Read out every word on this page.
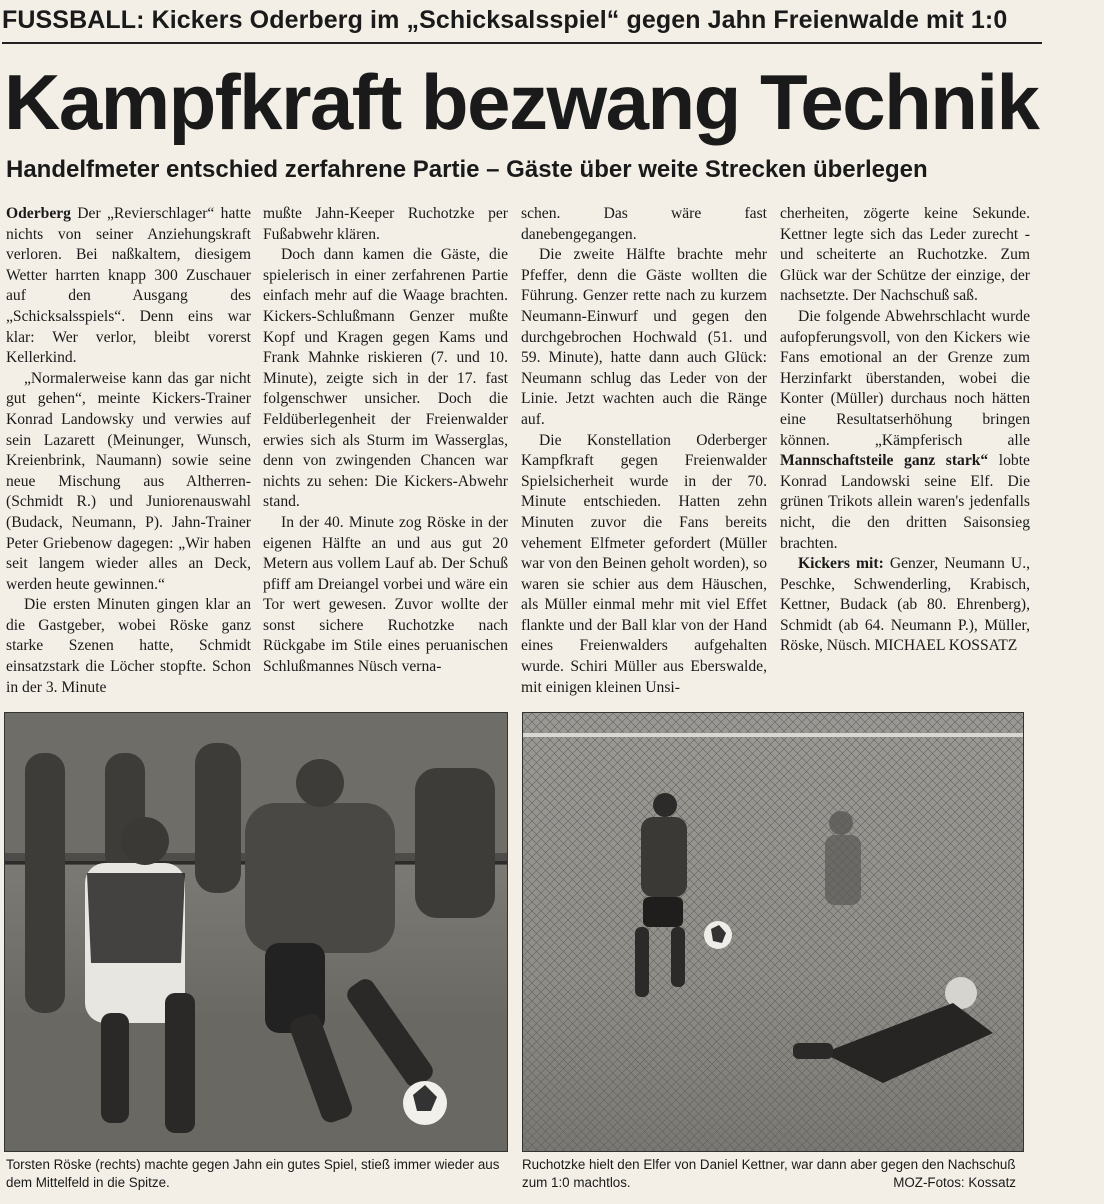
FUSSBALL: Kickers Oderberg im „Schicksalsspiel“ gegen Jahn Freienwalde mit 1:0
Kampfkraft bezwang Technik
Handelfmeter entschied zerfahrene Partie – Gäste über weite Strecken überlegen

Oderberg Der „Revierschlager“ hatte nichts von seiner Anziehungskraft verloren. Bei naßkaltem, diesigem Wetter harrten knapp 300 Zuschauer auf den Ausgang des „Schicksalsspiels“. Denn eins war klar: Wer verlor, bleibt vorerst Kellerkind.

„Normalerweise kann das gar nicht gut gehen“, meinte Kickers-Trainer Konrad Landowsky und verwies auf sein Lazarett (Meinunger, Wunsch, Kreienbrink, Naumann) sowie seine neue Mischung aus Altherren- (Schmidt R.) und Juniorenauswahl (Budack, Neumann, P). Jahn-Trainer Peter Griebenow dagegen: „Wir haben seit langem wieder alles an Deck, werden heute gewinnen.“

Die ersten Minuten gingen klar an die Gastgeber, wobei Röske ganz starke Szenen hatte, Schmidt einsatzstark die Löcher stopfte. Schon in der 3. Minute

mußte Jahn-Keeper Ruchotzke per Fußabwehr klären.

Doch dann kamen die Gäste, die spielerisch in einer zerfahrenen Partie einfach mehr auf die Waage brachten. Kickers-Schlußmann Genzer mußte Kopf und Kragen gegen Kams und Frank Mahnke riskieren (7. und 10. Minute), zeigte sich in der 17. fast folgenschwer unsicher. Doch die Feldüberlegenheit der Freienwalder erwies sich als Sturm im Wasserglas, denn von zwingenden Chancen war nichts zu sehen: Die Kickers-Abwehr stand.

In der 40. Minute zog Röske in der eigenen Hälfte an und aus gut 20 Metern aus vollem Lauf ab. Der Schuß pfiff am Dreiangel vorbei und wäre ein Tor wert gewesen. Zuvor wollte der sonst sichere Ruchotzke nach Rückgabe im Stile eines peruanischen Schlußmannes Nüsch verna-

schen. Das wäre fast danebengegangen.

Die zweite Hälfte brachte mehr Pfeffer, denn die Gäste wollten die Führung. Genzer rette nach zu kurzem Neumann-Einwurf und gegen den durchgebrochen Hochwald (51. und 59. Minute), hatte dann auch Glück: Neumann schlug das Leder von der Linie. Jetzt wachten auch die Ränge auf.

Die Konstellation Oderberger Kampfkraft gegen Freienwalder Spielsicherheit wurde in der 70. Minute entschieden. Hatten zehn Minuten zuvor die Fans bereits vehement Elfmeter gefordert (Müller war von den Beinen geholt worden), so waren sie schier aus dem Häuschen, als Müller einmal mehr mit viel Effet flankte und der Ball klar von der Hand eines Freienwalders aufgehalten wurde. Schiri Müller aus Eberswalde, mit einigen kleinen Unsi-

cherheiten, zögerte keine Sekunde. Kettner legte sich das Leder zurecht - und scheiterte an Ruchotzke. Zum Glück war der Schütze der einzige, der nachsetzte. Der Nachschuß saß.

Die folgende Abwehrschlacht wurde aufopferungsvoll, von den Kickers wie Fans emotional an der Grenze zum Herzinfarkt überstanden, wobei die Konter (Müller) durchaus noch hätten eine Resultatserhöhung bringen können. „Kämpferisch alle Mannschaftsteile ganz stark“ lobte Konrad Landowski seine Elf. Die grünen Trikots allein waren's jedenfalls nicht, die den dritten Saisonsieg brachten.

Kickers mit: Genzer, Neumann U., Peschke, Schwenderling, Krabisch, Kettner, Budack (ab 80. Ehrenberg), Schmidt (ab 64. Neumann P.), Müller, Röske, Nüsch. MICHAEL KOSSATZ

Torsten Röske (rechts) machte gegen Jahn ein gutes Spiel, stieß immer wieder aus dem Mittelfeld in die Spitze.
Ruchotzke hielt den Elfer von Daniel Kettner, war dann aber gegen den Nachschuß zum 1:0 machtlos.	MOZ-Fotos: Kossatz
